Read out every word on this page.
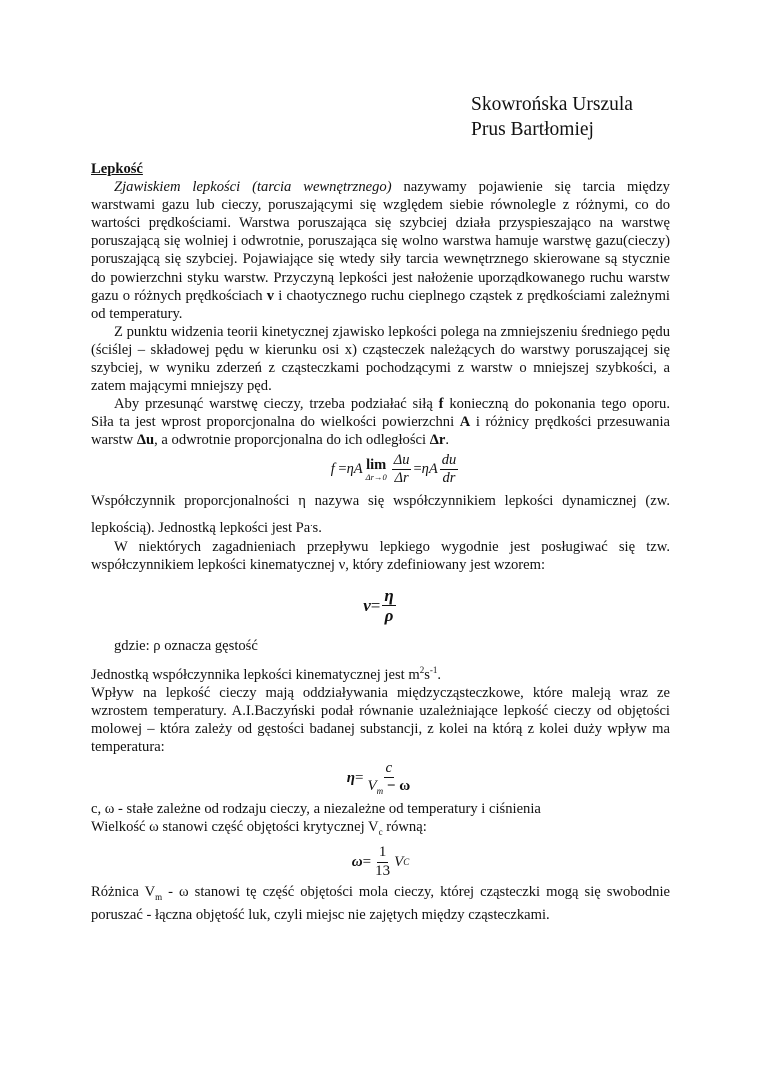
Skowrońska Urszula
Prus Bartłomiej

Lepkość

Zjawiskiem lepkości (tarcia wewnętrznego) nazywamy pojawienie się tarcia między warstwami gazu lub cieczy, poruszającymi się względem siebie równolegle z różnymi, co do wartości prędkościami. Warstwa poruszająca się szybciej działa przyspieszająco na warstwę poruszającą się wolniej i odwrotnie, poruszająca się wolno warstwa hamuje warstwę gazu(cieczy) poruszającą się szybciej. Pojawiające się wtedy siły tarcia wewnętrznego skierowane są stycznie do powierzchni styku warstw. Przyczyną lepkości jest nałożenie uporządkowanego ruchu warstw gazu o różnych prędkościach v i chaotycznego ruchu cieplnego cząstek z prędkościami zależnymi od temperatury.

Z punktu widzenia teorii kinetycznej zjawisko lepkości polega na zmniejszeniu średniego pędu (ściślej – składowej pędu w kierunku osi x) cząsteczek należących do warstwy poruszającej się szybciej, w wyniku zderzeń z cząsteczkami pochodzącymi z warstw o mniejszej szybkości, a zatem mającymi mniejszy pęd.

Aby przesunąć warstwę cieczy, trzeba podziałać siłą f konieczną do pokonania tego oporu. Siła ta jest wprost proporcjonalna do wielkości powierzchni A i różnicy prędkości przesuwania warstw Δu, a odwrotnie proporcjonalna do ich odległości Δr.

f
= ηA lim
$\Delta r\to 0 \frac{\Delta u}{\Delta r} = \eta A \frac{du}{dr}$

Współczynnik proporcjonalności η nazywa się współczynnikiem lepkości dynamicznej (zw. lepkością). Jednostką lepkości jest Pa.s.

W niektórych zagadnieniach przepływu lepkiego wygodnie jest posługiwać się tzw. współczynnikiem lepkości kinematycznej ν, który zdefiniowany jest wzorem:

$\nu = \frac{\eta}{\rho}$

gdzie: ρ oznacza gęstość

Jednostką współczynnika lepkości kinematycznej jest $m^2s^{-1}$.

Wpływ na lepkość cieczy mają oddziaływania międzycząsteczkowe, które maleją wraz ze wzrostem temperatury. A.I.Baczyński podał równanie uzależniające lepkość cieczy od objętości molowej – która zależy od gęstości badanej substancji, z kolei na którą z kolei duży wpływ ma temperatura:

$\eta = \frac{c}{V_m - \omega}$

c, ω - stałe zależne od rodzaju cieczy, a niezależne od temperatury i ciśnienia

Wielkość ω stanowi część objętości krytycznej $V_c$ równą:

$\omega = \frac{1}{13}$ V C

Różnica $V_m$ - ω stanowi tę część objętości mola cieczy, której cząsteczki mogą się swobodnie poruszać - łączna objętość luk, czyli miejsc nie zajętych między cząsteczkami.
